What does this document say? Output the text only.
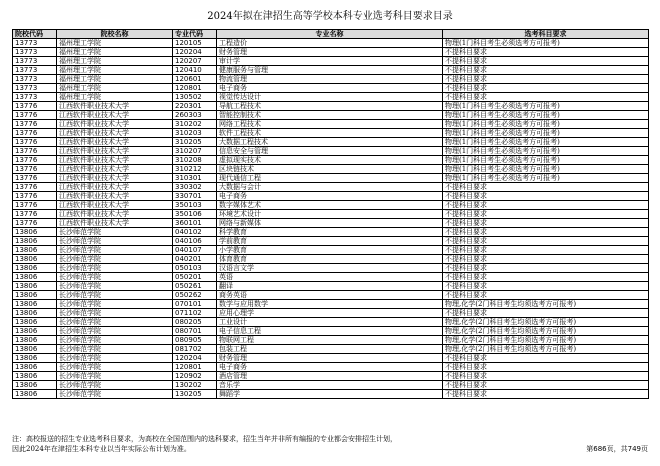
2024年拟在津招生高等学校本科专业选考科目要求目录
院校代码	院校名称	专业代码	专业名称	选考科目要求
13773	福州理工学院	120105	工程造价	物理(1门科目考生必须选考方可报考)
13773	福州理工学院	120204	财务管理	不提科目要求
13773	福州理工学院	120207	审计学	不提科目要求
13773	福州理工学院	120410	健康服务与管理	不提科目要求
13773	福州理工学院	120601	物流管理	不提科目要求
13773	福州理工学院	120801	电子商务	不提科目要求
13773	福州理工学院	130502	视觉传达设计	不提科目要求
13776	江西软件职业技术大学	220301	导航工程技术	物理(1门科目考生必须选考方可报考)
13776	江西软件职业技术大学	260303	智能控制技术	物理(1门科目考生必须选考方可报考)
13776	江西软件职业技术大学	310202	网络工程技术	物理(1门科目考生必须选考方可报考)
13776	江西软件职业技术大学	310203	软件工程技术	物理(1门科目考生必须选考方可报考)
13776	江西软件职业技术大学	310205	大数据工程技术	物理(1门科目考生必须选考方可报考)
13776	江西软件职业技术大学	310207	信息安全与管理	物理(1门科目考生必须选考方可报考)
13776	江西软件职业技术大学	310208	虚拟现实技术	物理(1门科目考生必须选考方可报考)
13776	江西软件职业技术大学	310212	区块链技术	物理(1门科目考生必须选考方可报考)
13776	江西软件职业技术大学	310301	现代通信工程	物理(1门科目考生必须选考方可报考)
13776	江西软件职业技术大学	330302	大数据与会计	不提科目要求
13776	江西软件职业技术大学	330701	电子商务	不提科目要求
13776	江西软件职业技术大学	350103	数字媒体艺术	不提科目要求
13776	江西软件职业技术大学	350106	环境艺术设计	不提科目要求
13776	江西软件职业技术大学	360101	网络与新媒体	不提科目要求
13806	长沙师范学院	040102	科学教育	不提科目要求
13806	长沙师范学院	040106	学前教育	不提科目要求
13806	长沙师范学院	040107	小学教育	不提科目要求
13806	长沙师范学院	040201	体育教育	不提科目要求
13806	长沙师范学院	050103	汉语言文学	不提科目要求
13806	长沙师范学院	050201	英语	不提科目要求
13806	长沙师范学院	050261	翻译	不提科目要求
13806	长沙师范学院	050262	商务英语	不提科目要求
13806	长沙师范学院	070101	数学与应用数学	物理,化学(2门科目考生均须选考方可报考)
13806	长沙师范学院	071102	应用心理学	不提科目要求
13806	长沙师范学院	080205	工业设计	物理,化学(2门科目考生均须选考方可报考)
13806	长沙师范学院	080701	电子信息工程	物理,化学(2门科目考生均须选考方可报考)
13806	长沙师范学院	080905	物联网工程	物理,化学(2门科目考生均须选考方可报考)
13806	长沙师范学院	081702	包装工程	物理,化学(2门科目考生均须选考方可报考)
13806	长沙师范学院	120204	财务管理	不提科目要求
13806	长沙师范学院	120801	电子商务	不提科目要求
13806	长沙师范学院	120902	酒店管理	不提科目要求
13806	长沙师范学院	130202	音乐学	不提科目要求
13806	长沙师范学院	130205	舞蹈学	不提科目要求
注：高校报送的招生专业选考科目要求，为高校在全国范围内的选科要求，招生当年并非所有编报的专业都会安排招生计划，
因此2024年在津招生本科专业以当年实际公布计划为准。	第686页，共749页
